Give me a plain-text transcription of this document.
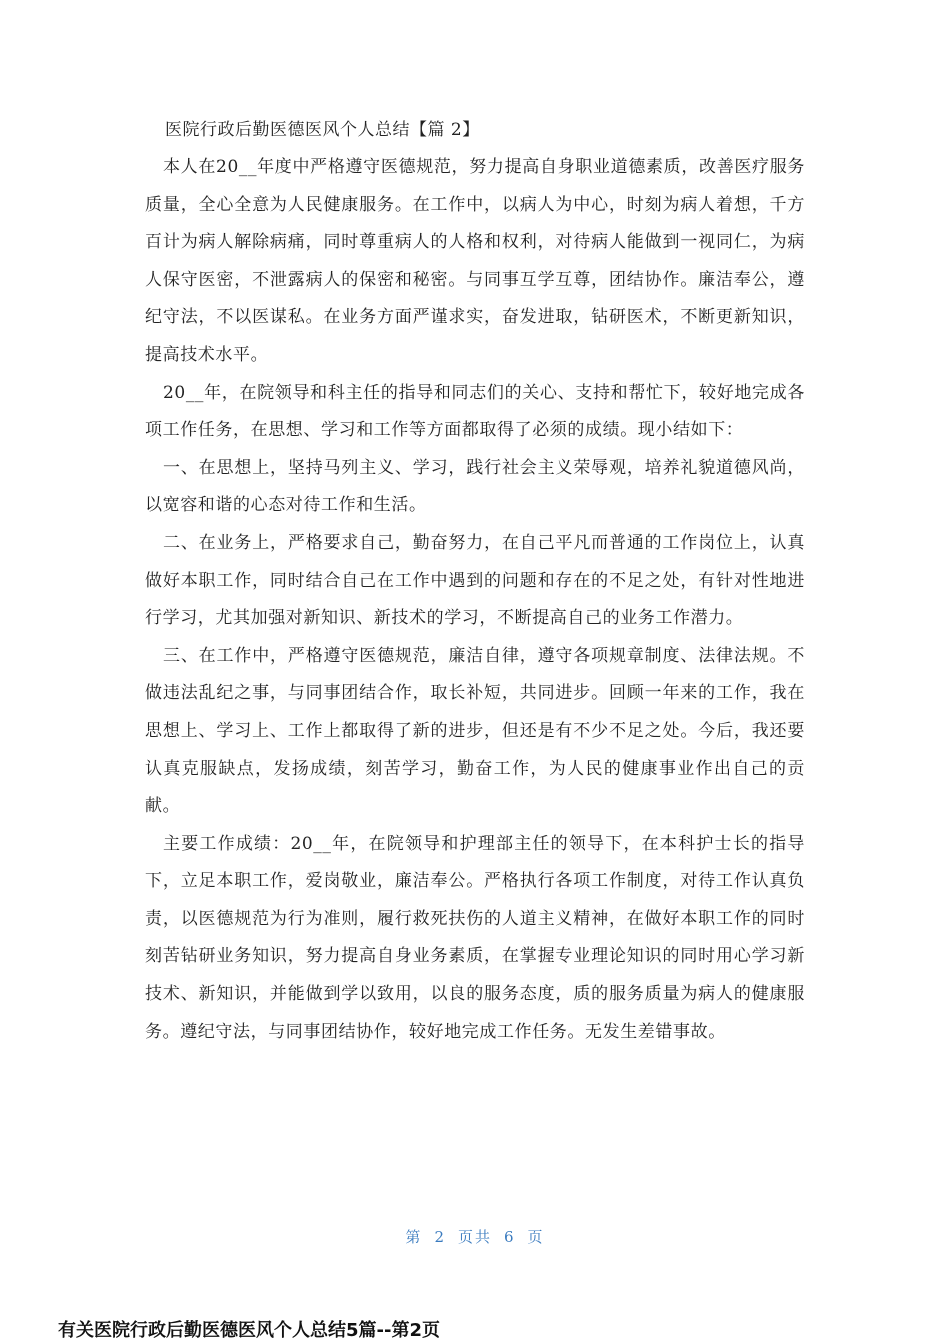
医院行政后勤医德医风个人总结【篇 2】

本人在20__年度中严格遵守医德规范，努力提高自身职业道德素质，改善医疗服务质量，全心全意为人民健康服务。在工作中，以病人为中心，时刻为病人着想，千方百计为病人解除病痛，同时尊重病人的人格和权利，对待病人能做到一视同仁，为病人保守医密，不泄露病人的保密和秘密。与同事互学互尊，团结协作。廉洁奉公，遵纪守法，不以医谋私。在业务方面严谨求实，奋发进取，钻研医术，不断更新知识，提高技术水平。

20__年，在院领导和科主任的指导和同志们的关心、支持和帮忙下，较好地完成各项工作任务，在思想、学习和工作等方面都取得了必须的成绩。现小结如下：

一、在思想上，坚持马列主义、学习，践行社会主义荣辱观，培养礼貌道德风尚，以宽容和谐的心态对待工作和生活。

二、在业务上，严格要求自己，勤奋努力，在自己平凡而普通的工作岗位上，认真做好本职工作，同时结合自己在工作中遇到的问题和存在的不足之处，有针对性地进行学习，尤其加强对新知识、新技术的学习，不断提高自己的业务工作潜力。

三、在工作中，严格遵守医德规范，廉洁自律，遵守各项规章制度、法律法规。不做违法乱纪之事，与同事团结合作，取长补短，共同进步。回顾一年来的工作，我在思想上、学习上、工作上都取得了新的进步，但还是有不少不足之处。今后，我还要认真克服缺点，发扬成绩，刻苦学习，勤奋工作，为人民的健康事业作出自己的贡献。

主要工作成绩：20__年，在院领导和护理部主任的领导下，在本科护士长的指导下，立足本职工作，爱岗敬业，廉洁奉公。严格执行各项工作制度，对待工作认真负责，以医德规范为行为准则，履行救死扶伤的人道主义精神，在做好本职工作的同时刻苦钻研业务知识，努力提高自身业务素质，在掌握专业理论知识的同时用心学习新技术、新知识，并能做到学以致用，以良的服务态度，质的服务质量为病人的健康服务。遵纪守法，与同事团结协作，较好地完成工作任务。无发生差错事故。

第 2 页共 6 页
有关医院行政后勤医德医风个人总结5篇--第2页
